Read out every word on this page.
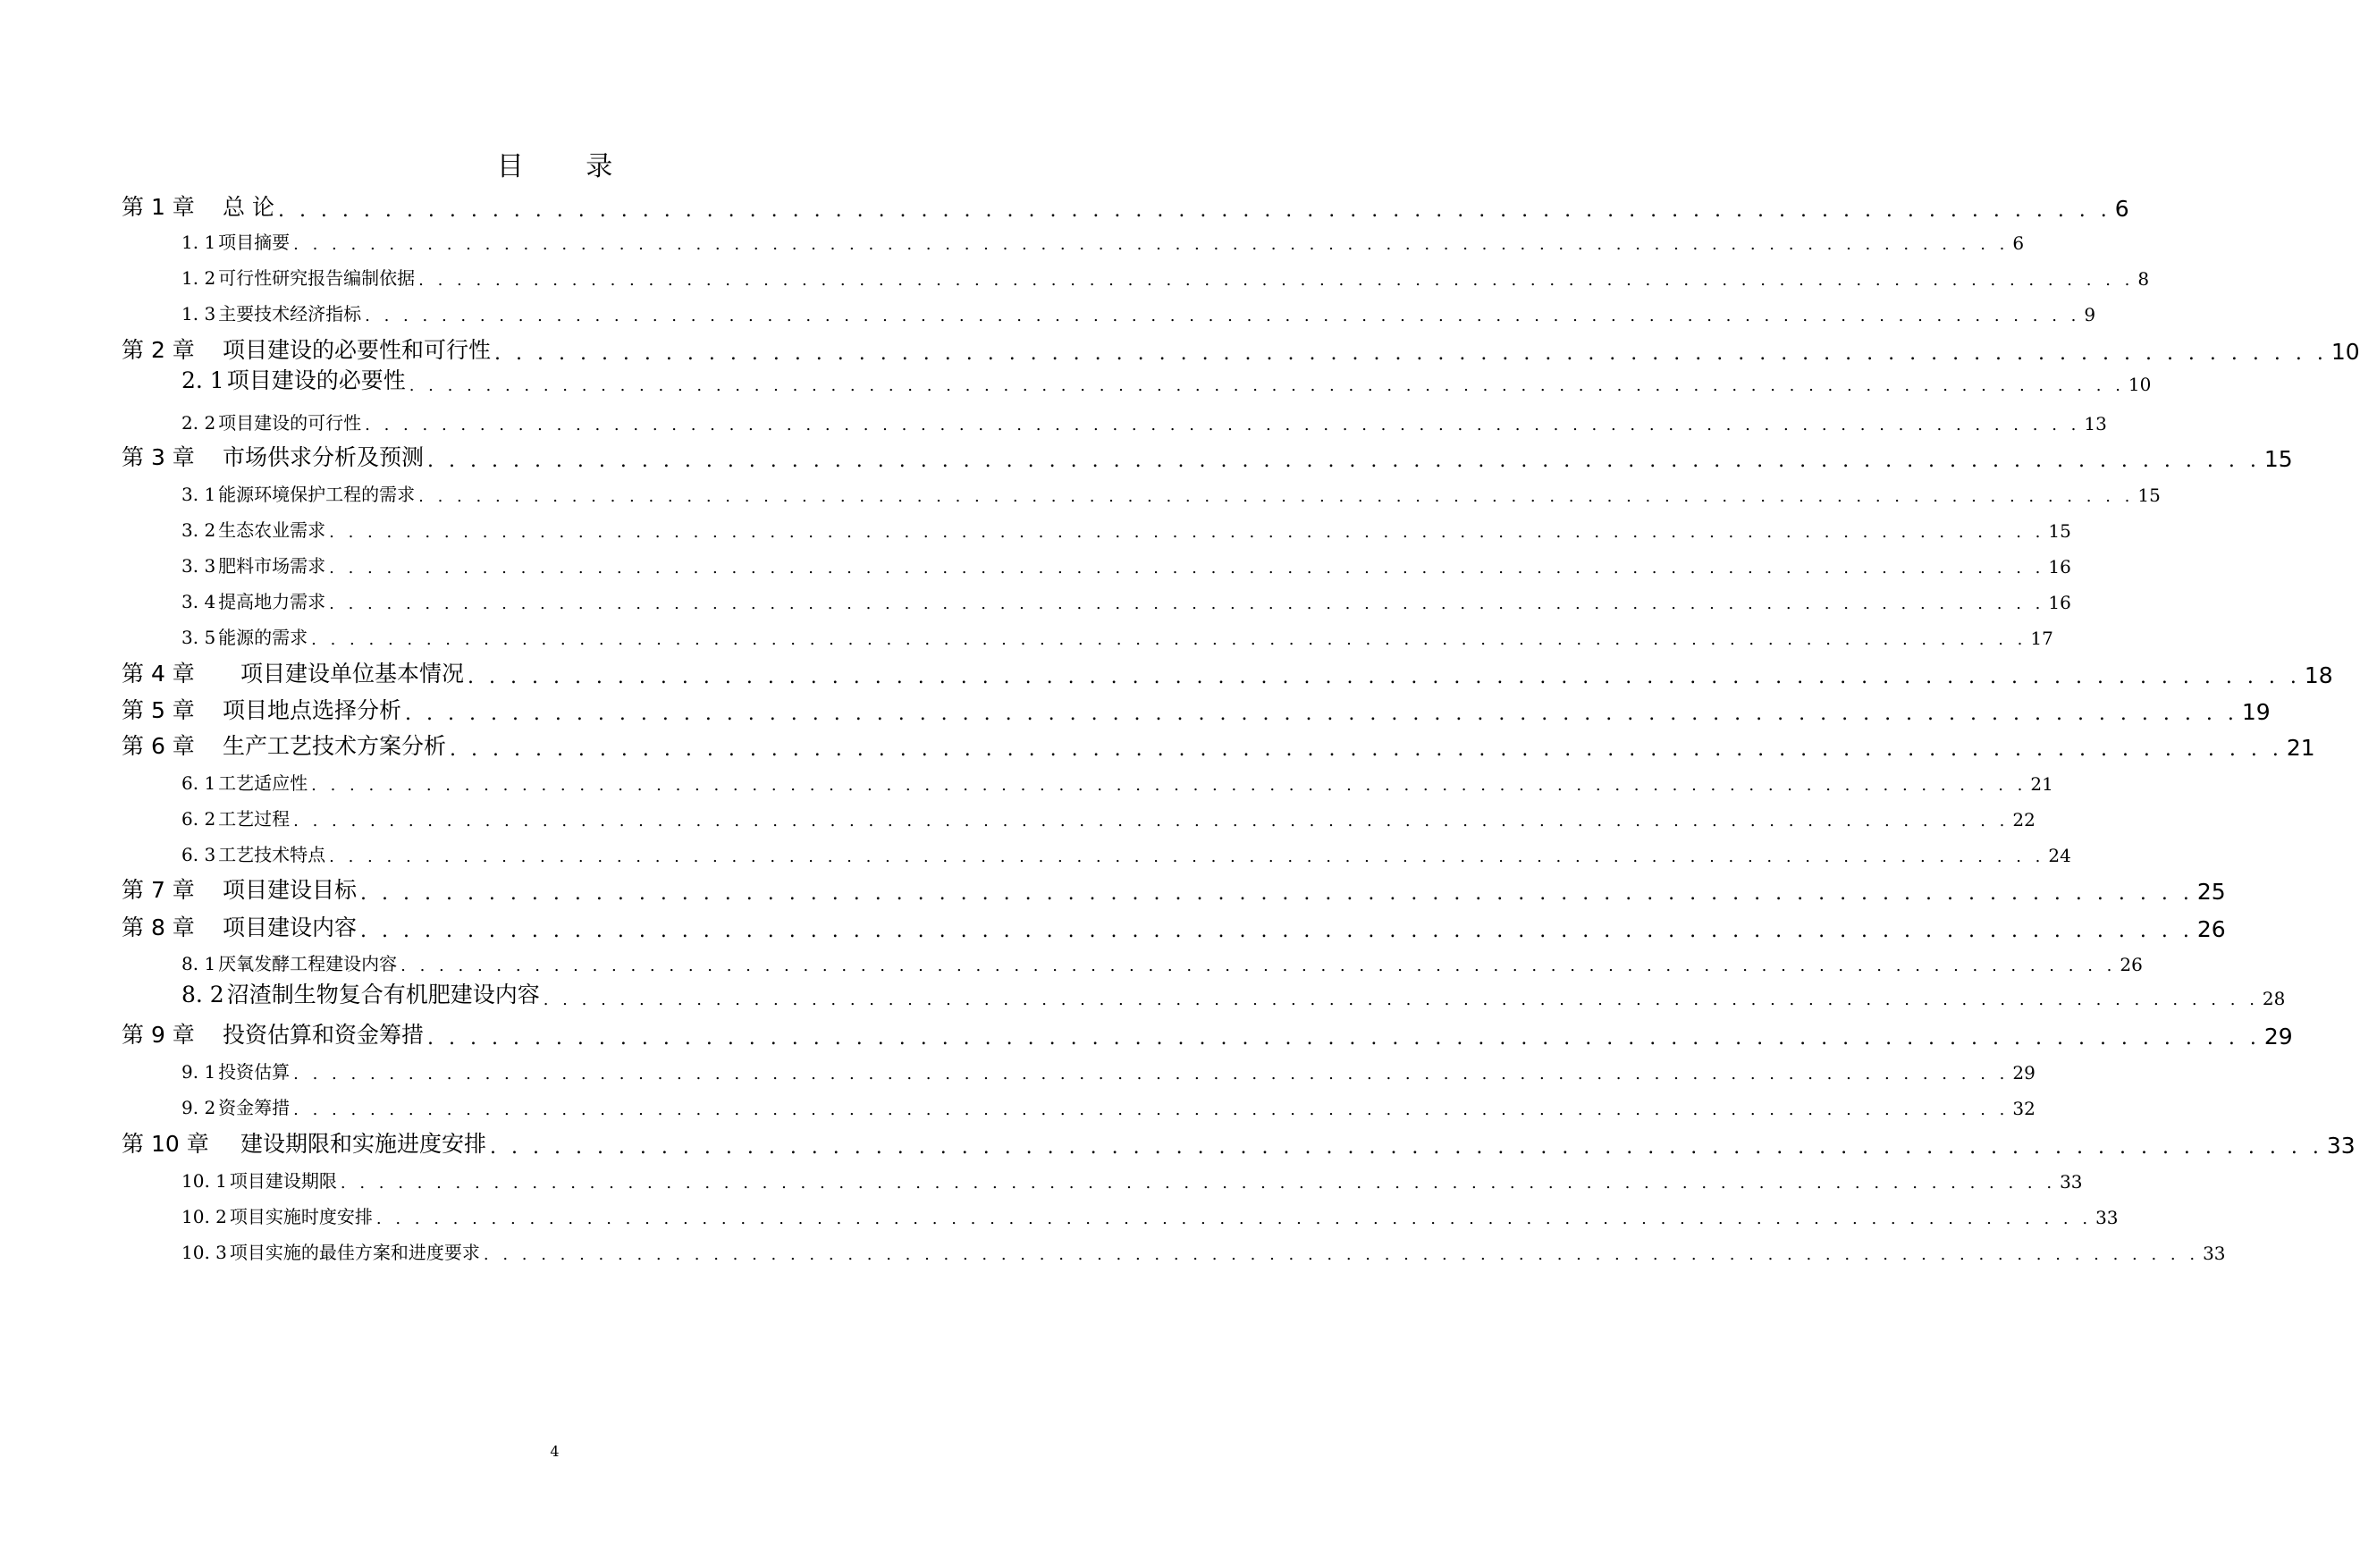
目 录
第 1 章 总 论 . . . . . . . . . . . . . . . . . . . . . . . . . . . . . . . . . . . . . . . . . . . . . . . . . . . . . . . . . . . . . . . . . . . . . . . . . . . . . . . . . . . . . . 6
1. 1 项目摘要 . . . . . . . . . . . . . . . . . . . . . . . . . . . . . . . . . . . . . . . . . . . . . . . . . . . . . . . . . . . . . . . . . . . . . . . . . . . . . . . . . . . . . . . . . . 6
1. 2 可行性研究报告编制依据 . . . . . . . . . . . . . . . . . . . . . . . . . . . . . . . . . . . . . . . . . . . . . . . . . . . . . . . . . . . . . . . . . . . . . . . . . . . . . . . . . . . . . . . . . . 8
1. 3 主要技术经济指标 . . . . . . . . . . . . . . . . . . . . . . . . . . . . . . . . . . . . . . . . . . . . . . . . . . . . . . . . . . . . . . . . . . . . . . . . . . . . . . . . . . . . . . . . . . 9
第 2 章 项目建设的必要性和可行性 . . . . . . . . . . . . . . . . . . . . . . . . . . . . . . . . . . . . . . . . . . . . . . . . . . . . . . . . . . . . . . . . . . . . . . . . . . . . . . . . . . . . . . 10
2. 1 项目建设的必要性 . . . . . . . . . . . . . . . . . . . . . . . . . . . . . . . . . . . . . . . . . . . . . . . . . . . . . . . . . . . . . . . . . . . . . . . . . . . . . . . . . . . . . . . . . . 10
2. 2 项目建设的可行性 . . . . . . . . . . . . . . . . . . . . . . . . . . . . . . . . . . . . . . . . . . . . . . . . . . . . . . . . . . . . . . . . . . . . . . . . . . . . . . . . . . . . . . . . . . 13
第 3 章 市场供求分析及预测 . . . . . . . . . . . . . . . . . . . . . . . . . . . . . . . . . . . . . . . . . . . . . . . . . . . . . . . . . . . . . . . . . . . . . . . . . . . . . . . . . . . . . . 15
3. 1 能源环境保护工程的需求 . . . . . . . . . . . . . . . . . . . . . . . . . . . . . . . . . . . . . . . . . . . . . . . . . . . . . . . . . . . . . . . . . . . . . . . . . . . . . . . . . . . . . . . . . . 15
3. 2 生态农业需求 . . . . . . . . . . . . . . . . . . . . . . . . . . . . . . . . . . . . . . . . . . . . . . . . . . . . . . . . . . . . . . . . . . . . . . . . . . . . . . . . . . . . . . . . . . 15
3. 3 肥料市场需求 . . . . . . . . . . . . . . . . . . . . . . . . . . . . . . . . . . . . . . . . . . . . . . . . . . . . . . . . . . . . . . . . . . . . . . . . . . . . . . . . . . . . . . . . . . 16
3. 4 提高地力需求 . . . . . . . . . . . . . . . . . . . . . . . . . . . . . . . . . . . . . . . . . . . . . . . . . . . . . . . . . . . . . . . . . . . . . . . . . . . . . . . . . . . . . . . . . . 16
3. 5 能源的需求 . . . . . . . . . . . . . . . . . . . . . . . . . . . . . . . . . . . . . . . . . . . . . . . . . . . . . . . . . . . . . . . . . . . . . . . . . . . . . . . . . . . . . . . . . . 17
第 4 章 项目建设单位基本情况 . . . . . . . . . . . . . . . . . . . . . . . . . . . . . . . . . . . . . . . . . . . . . . . . . . . . . . . . . . . . . . . . . . . . . . . . . . . . . . . . . . . . . . 18
第 5 章 项目地点选择分析 . . . . . . . . . . . . . . . . . . . . . . . . . . . . . . . . . . . . . . . . . . . . . . . . . . . . . . . . . . . . . . . . . . . . . . . . . . . . . . . . . . . . . . 19
第 6 章 生产工艺技术方案分析 . . . . . . . . . . . . . . . . . . . . . . . . . . . . . . . . . . . . . . . . . . . . . . . . . . . . . . . . . . . . . . . . . . . . . . . . . . . . . . . . . . . . . . 21
6. 1 工艺适应性 . . . . . . . . . . . . . . . . . . . . . . . . . . . . . . . . . . . . . . . . . . . . . . . . . . . . . . . . . . . . . . . . . . . . . . . . . . . . . . . . . . . . . . . . . . 21
6. 2 工艺过程 . . . . . . . . . . . . . . . . . . . . . . . . . . . . . . . . . . . . . . . . . . . . . . . . . . . . . . . . . . . . . . . . . . . . . . . . . . . . . . . . . . . . . . . . . . 22
6. 3 工艺技术特点 . . . . . . . . . . . . . . . . . . . . . . . . . . . . . . . . . . . . . . . . . . . . . . . . . . . . . . . . . . . . . . . . . . . . . . . . . . . . . . . . . . . . . . . . . . 24
第 7 章 项目建设目标 . . . . . . . . . . . . . . . . . . . . . . . . . . . . . . . . . . . . . . . . . . . . . . . . . . . . . . . . . . . . . . . . . . . . . . . . . . . . . . . . . . . . . . 25
第 8 章 项目建设内容 . . . . . . . . . . . . . . . . . . . . . . . . . . . . . . . . . . . . . . . . . . . . . . . . . . . . . . . . . . . . . . . . . . . . . . . . . . . . . . . . . . . . . . 26
8. 1 厌氧发酵工程建设内容 . . . . . . . . . . . . . . . . . . . . . . . . . . . . . . . . . . . . . . . . . . . . . . . . . . . . . . . . . . . . . . . . . . . . . . . . . . . . . . . . . . . . . . . . . . 26
8. 2 沼渣制生物复合有机肥建设内容 . . . . . . . . . . . . . . . . . . . . . . . . . . . . . . . . . . . . . . . . . . . . . . . . . . . . . . . . . . . . . . . . . . . . . . . . . . . . . . . . . . . . . . . . . . 28
第 9 章 投资估算和资金筹措 . . . . . . . . . . . . . . . . . . . . . . . . . . . . . . . . . . . . . . . . . . . . . . . . . . . . . . . . . . . . . . . . . . . . . . . . . . . . . . . . . . . . . . 29
9. 1 投资估算 . . . . . . . . . . . . . . . . . . . . . . . . . . . . . . . . . . . . . . . . . . . . . . . . . . . . . . . . . . . . . . . . . . . . . . . . . . . . . . . . . . . . . . . . . . 29
9. 2 资金筹措 . . . . . . . . . . . . . . . . . . . . . . . . . . . . . . . . . . . . . . . . . . . . . . . . . . . . . . . . . . . . . . . . . . . . . . . . . . . . . . . . . . . . . . . . . . 32
第 10 章 建设期限和实施进度安排 . . . . . . . . . . . . . . . . . . . . . . . . . . . . . . . . . . . . . . . . . . . . . . . . . . . . . . . . . . . . . . . . . . . . . . . . . . . . . . . . . . . . . . 33
10. 1 项目建设期限 . . . . . . . . . . . . . . . . . . . . . . . . . . . . . . . . . . . . . . . . . . . . . . . . . . . . . . . . . . . . . . . . . . . . . . . . . . . . . . . . . . . . . . . . . . 33
10. 2 项目实施时度安排 . . . . . . . . . . . . . . . . . . . . . . . . . . . . . . . . . . . . . . . . . . . . . . . . . . . . . . . . . . . . . . . . . . . . . . . . . . . . . . . . . . . . . . . . . . 33
10. 3 项目实施的最佳方案和进度要求 . . . . . . . . . . . . . . . . . . . . . . . . . . . . . . . . . . . . . . . . . . . . . . . . . . . . . . . . . . . . . . . . . . . . . . . . . . . . . . . . . . . . . . . . . . 33
4
